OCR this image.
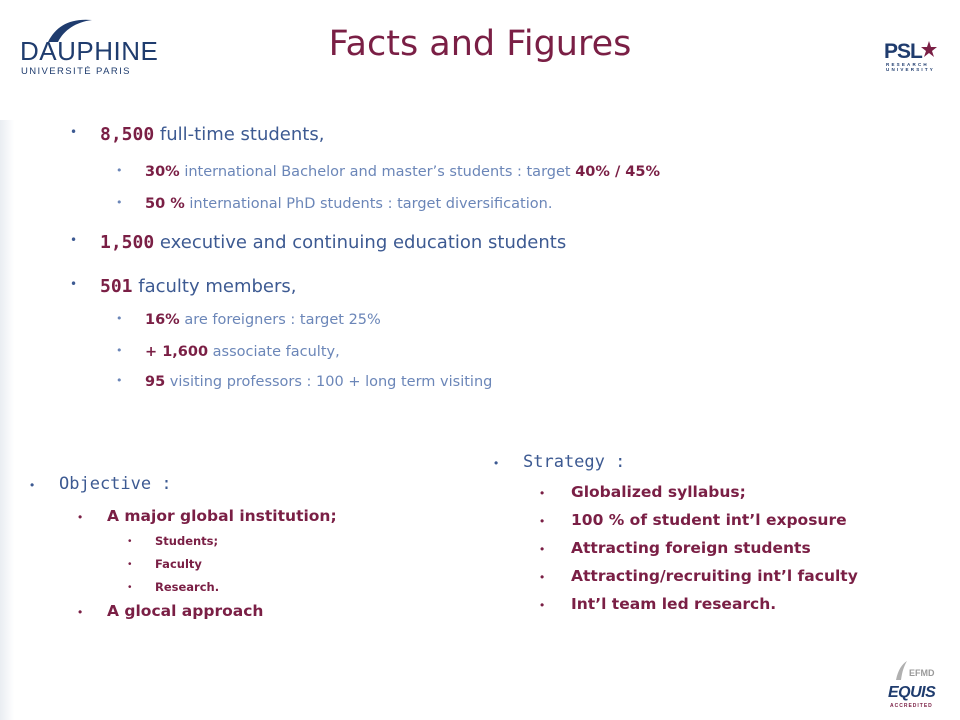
DAUPHINE
UNIVERSITÉ PARIS
PSL
RESEARCH
UNIVERSITY
Facts and Figures
• 8,500 full-time students,
• 30% international Bachelor and master’s students : target 40% / 45%
• 50 % international PhD students : target diversification.
• 1,500 executive and continuing education students
• 501 faculty members,
• 16% are foreigners : target 25%
• + 1,600 associate faculty,
• 95 visiting professors : 100 + long term visiting
• Objective :
• A major global institution;
• Students;
• Faculty
• Research.
• A glocal approach
• Strategy :
• Globalized syllabus;
• 100 % of student int’l exposure
• Attracting foreign students
• Attracting/recruiting int’l faculty
• Int’l team led research.
EFMD
EQUIS
ACCREDITED
